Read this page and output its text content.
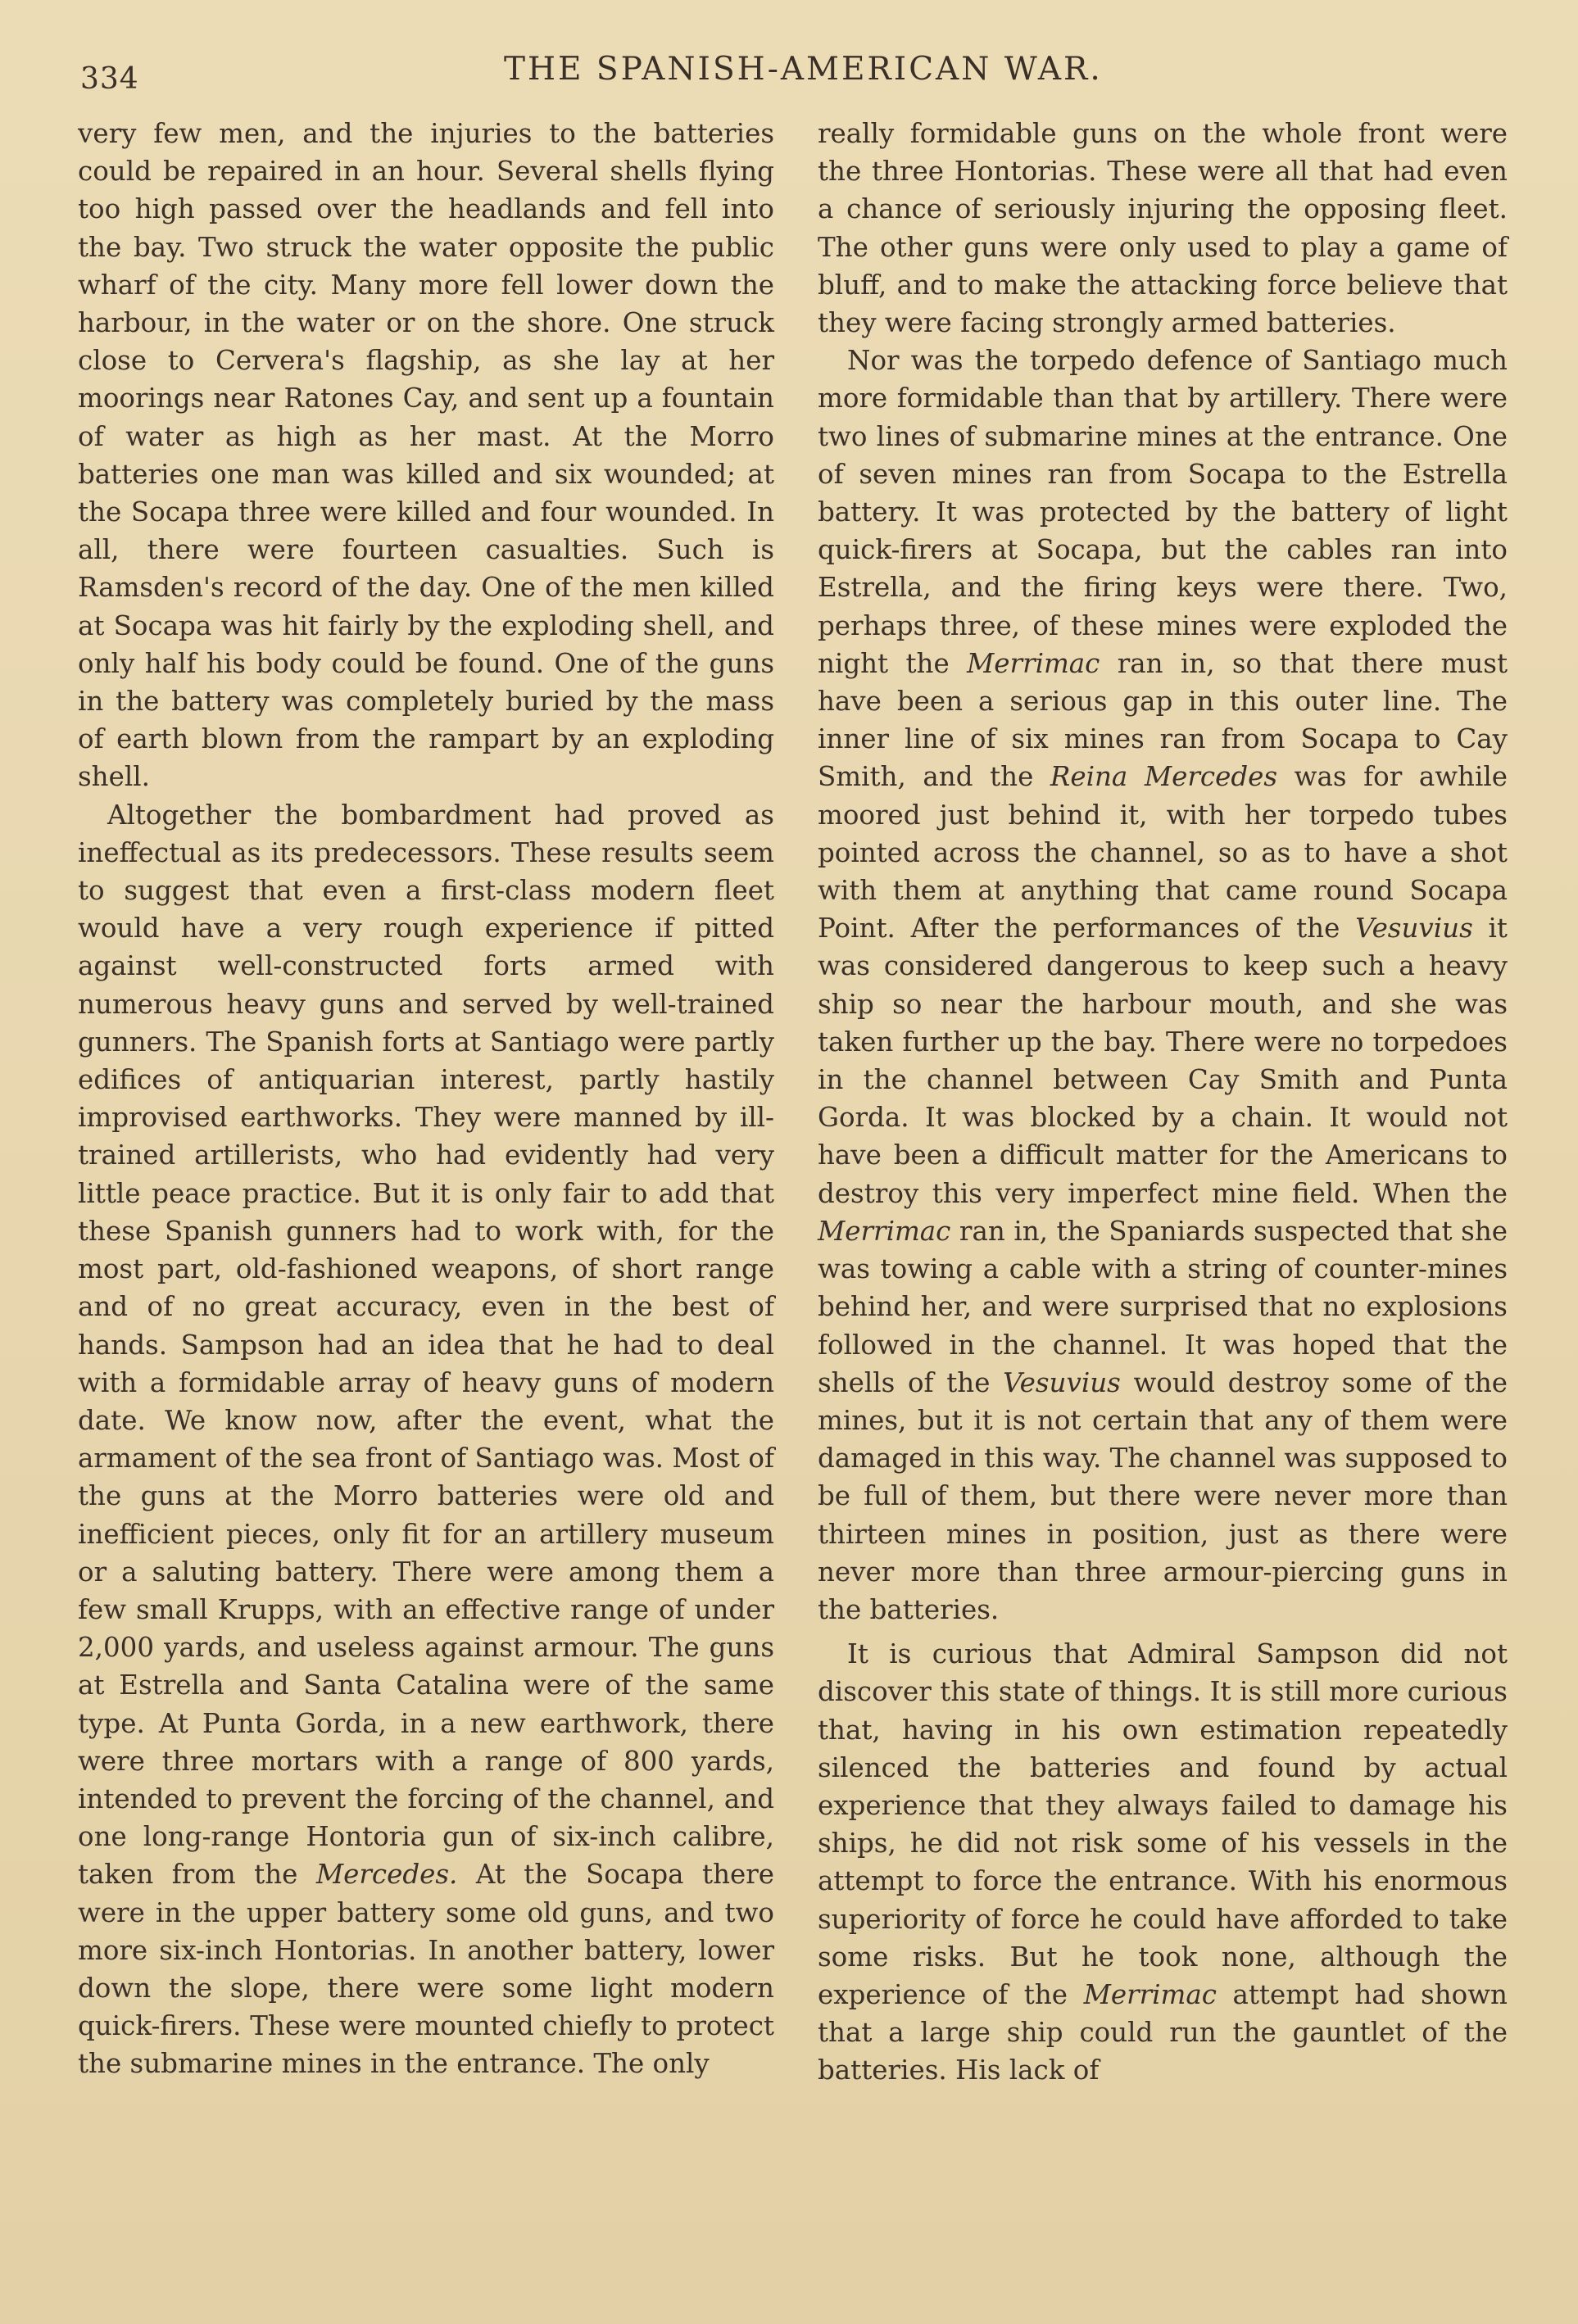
334	THE SPANISH-AMERICAN WAR.

very few men, and the injuries to the batteries could be repaired in an hour. Several shells flying too high passed over the headlands and fell into the bay. Two struck the water opposite the public wharf of the city. Many more fell lower down the harbour, in the water or on the shore. One struck close to Cervera's flagship, as she lay at her moorings near Ratones Cay, and sent up a fountain of water as high as her mast. At the Morro batteries one man was killed and six wounded; at the Socapa three were killed and four wounded. In all, there were fourteen casualties. Such is Ramsden's record of the day. One of the men killed at Socapa was hit fairly by the exploding shell, and only half his body could be found. One of the guns in the battery was completely buried by the mass of earth blown from the rampart by an exploding shell.

Altogether the bombardment had proved as ineffectual as its predecessors. These results seem to suggest that even a first-class modern fleet would have a very rough experience if pitted against well-constructed forts armed with numerous heavy guns and served by well-trained gunners. The Spanish forts at Santiago were partly edifices of antiquarian interest, partly hastily improvised earthworks. They were manned by ill-trained artillerists, who had evidently had very little peace practice. But it is only fair to add that these Spanish gunners had to work with, for the most part, old-fashioned weapons, of short range and of no great accuracy, even in the best of hands. Sampson had an idea that he had to deal with a formidable array of heavy guns of modern date. We know now, after the event, what the armament of the sea front of Santiago was. Most of the guns at the Morro batteries were old and inefficient pieces, only fit for an artillery museum or a saluting battery. There were among them a few small Krupps, with an effective range of under 2,000 yards, and useless against armour. The guns at Estrella and Santa Catalina were of the same type. At Punta Gorda, in a new earthwork, there were three mortars with a range of 800 yards, intended to prevent the forcing of the channel, and one long-range Hontoria gun of six-inch calibre, taken from the Mercedes. At the Socapa there were in the upper battery some old guns, and two more six-inch Hontorias. In another battery, lower down the slope, there were some light modern quick-firers. These were mounted chiefly to protect the submarine mines in the entrance. The only

really formidable guns on the whole front were the three Hontorias. These were all that had even a chance of seriously injuring the opposing fleet. The other guns were only used to play a game of bluff, and to make the attacking force believe that they were facing strongly armed batteries.

Nor was the torpedo defence of Santiago much more formidable than that by artillery. There were two lines of submarine mines at the entrance. One of seven mines ran from Socapa to the Estrella battery. It was protected by the battery of light quick-firers at Socapa, but the cables ran into Estrella, and the firing keys were there. Two, perhaps three, of these mines were exploded the night the Merrimac ran in, so that there must have been a serious gap in this outer line. The inner line of six mines ran from Socapa to Cay Smith, and the Reina Mercedes was for awhile moored just behind it, with her torpedo tubes pointed across the channel, so as to have a shot with them at anything that came round Socapa Point. After the performances of the Vesuvius it was considered dangerous to keep such a heavy ship so near the harbour mouth, and she was taken further up the bay. There were no torpedoes in the channel between Cay Smith and Punta Gorda. It was blocked by a chain. It would not have been a difficult matter for the Americans to destroy this very imperfect mine field. When the Merrimac ran in, the Spaniards suspected that she was towing a cable with a string of counter-mines behind her, and were surprised that no explosions followed in the channel. It was hoped that the shells of the Vesuvius would destroy some of the mines, but it is not certain that any of them were damaged in this way. The channel was supposed to be full of them, but there were never more than thirteen mines in position, just as there were never more than three armour-piercing guns in the batteries.

It is curious that Admiral Sampson did not discover this state of things. It is still more curious that, having in his own estimation repeatedly silenced the batteries and found by actual experience that they always failed to damage his ships, he did not risk some of his vessels in the attempt to force the entrance. With his enormous superiority of force he could have afforded to take some risks. But he took none, although the experience of the Merrimac attempt had shown that a large ship could run the gauntlet of the batteries. His lack of
